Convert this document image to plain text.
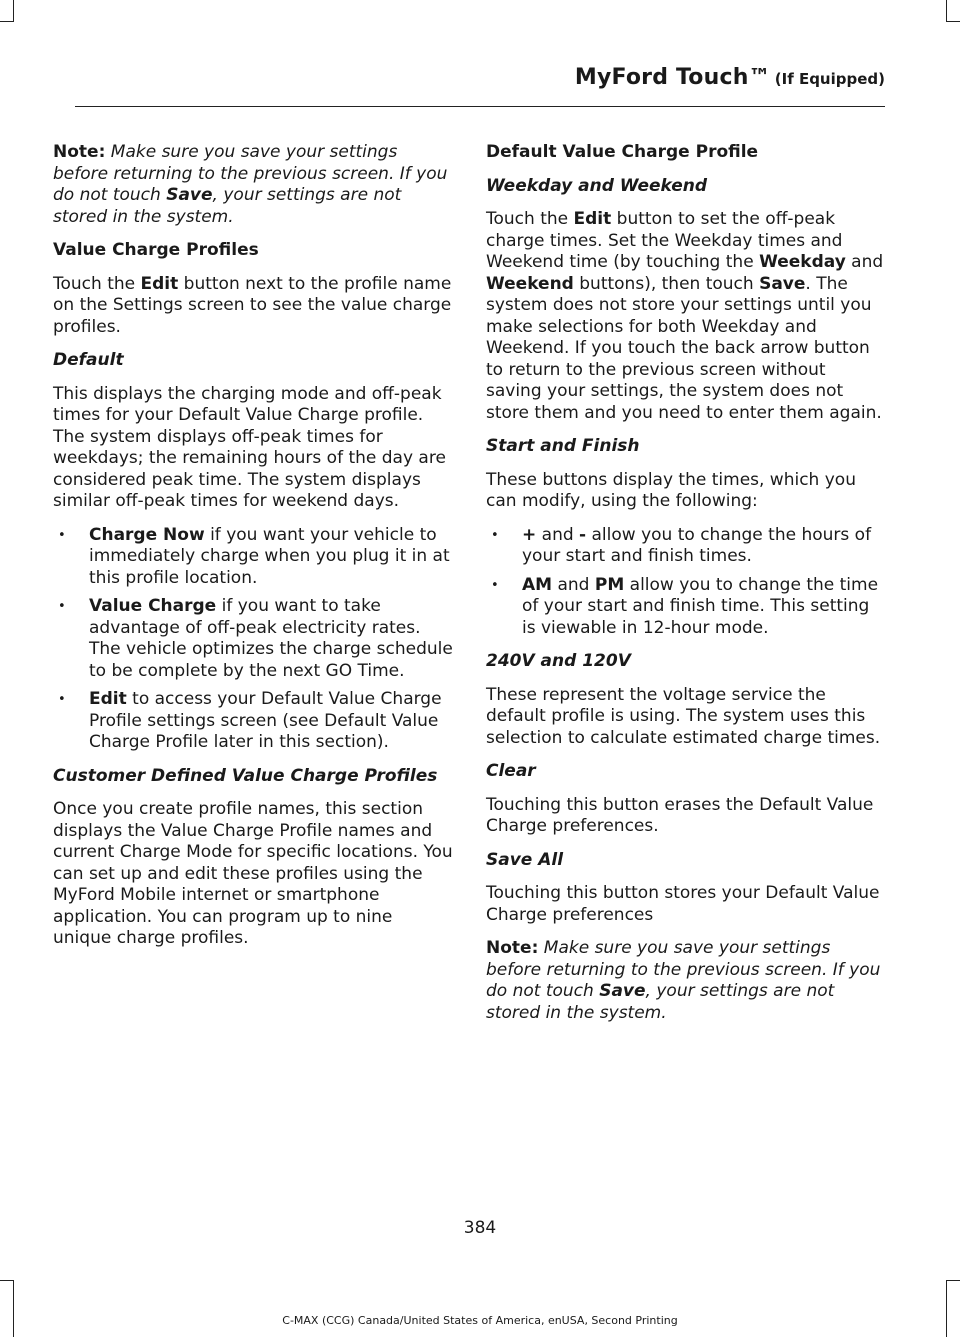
MyFord Touch™ (If Equipped)

Note: Make sure you save your settings before returning to the previous screen. If you do not touch Save, your settings are not stored in the system.

Value Charge Profiles

Touch the Edit button next to the profile name on the Settings screen to see the value charge profiles.

Default

This displays the charging mode and off-peak times for your Default Value Charge profile. The system displays off-peak times for weekdays; the remaining hours of the day are considered peak time. The system displays similar off-peak times for weekend days.

• Charge Now if you want your vehicle to immediately charge when you plug it in at this profile location.
• Value Charge if you want to take advantage of off-peak electricity rates. The vehicle optimizes the charge schedule to be complete by the next GO Time.
• Edit to access your Default Value Charge Profile settings screen (see Default Value Charge Profile later in this section).
Customer Defined Value Charge Profiles

Once you create profile names, this section displays the Value Charge Profile names and current Charge Mode for specific locations. You can set up and edit these profiles using the MyFord Mobile internet or smartphone application. You can program up to nine unique charge profiles.

Default Value Charge Profile
Weekday and Weekend

Touch the Edit button to set the off-peak charge times. Set the Weekday times and Weekend time (by touching the Weekday and Weekend buttons), then touch Save. The system does not store your settings until you make selections for both Weekday and Weekend. If you touch the back arrow button to return to the previous screen without saving your settings, the system does not store them and you need to enter them again.

Start and Finish

These buttons display the times, which you can modify, using the following:

• + and - allow you to change the hours of your start and finish times.
• AM and PM allow you to change the time of your start and finish time. This setting is viewable in 12-hour mode.
240V and 120V

These represent the voltage service the default profile is using. The system uses this selection to calculate estimated charge times.

Clear

Touching this button erases the Default Value Charge preferences.

Save All

Touching this button stores your Default Value Charge preferences

Note: Make sure you save your settings before returning to the previous screen. If you do not touch Save, your settings are not stored in the system.

384
C-MAX (CCG) Canada/United States of America, enUSA, Second Printing
